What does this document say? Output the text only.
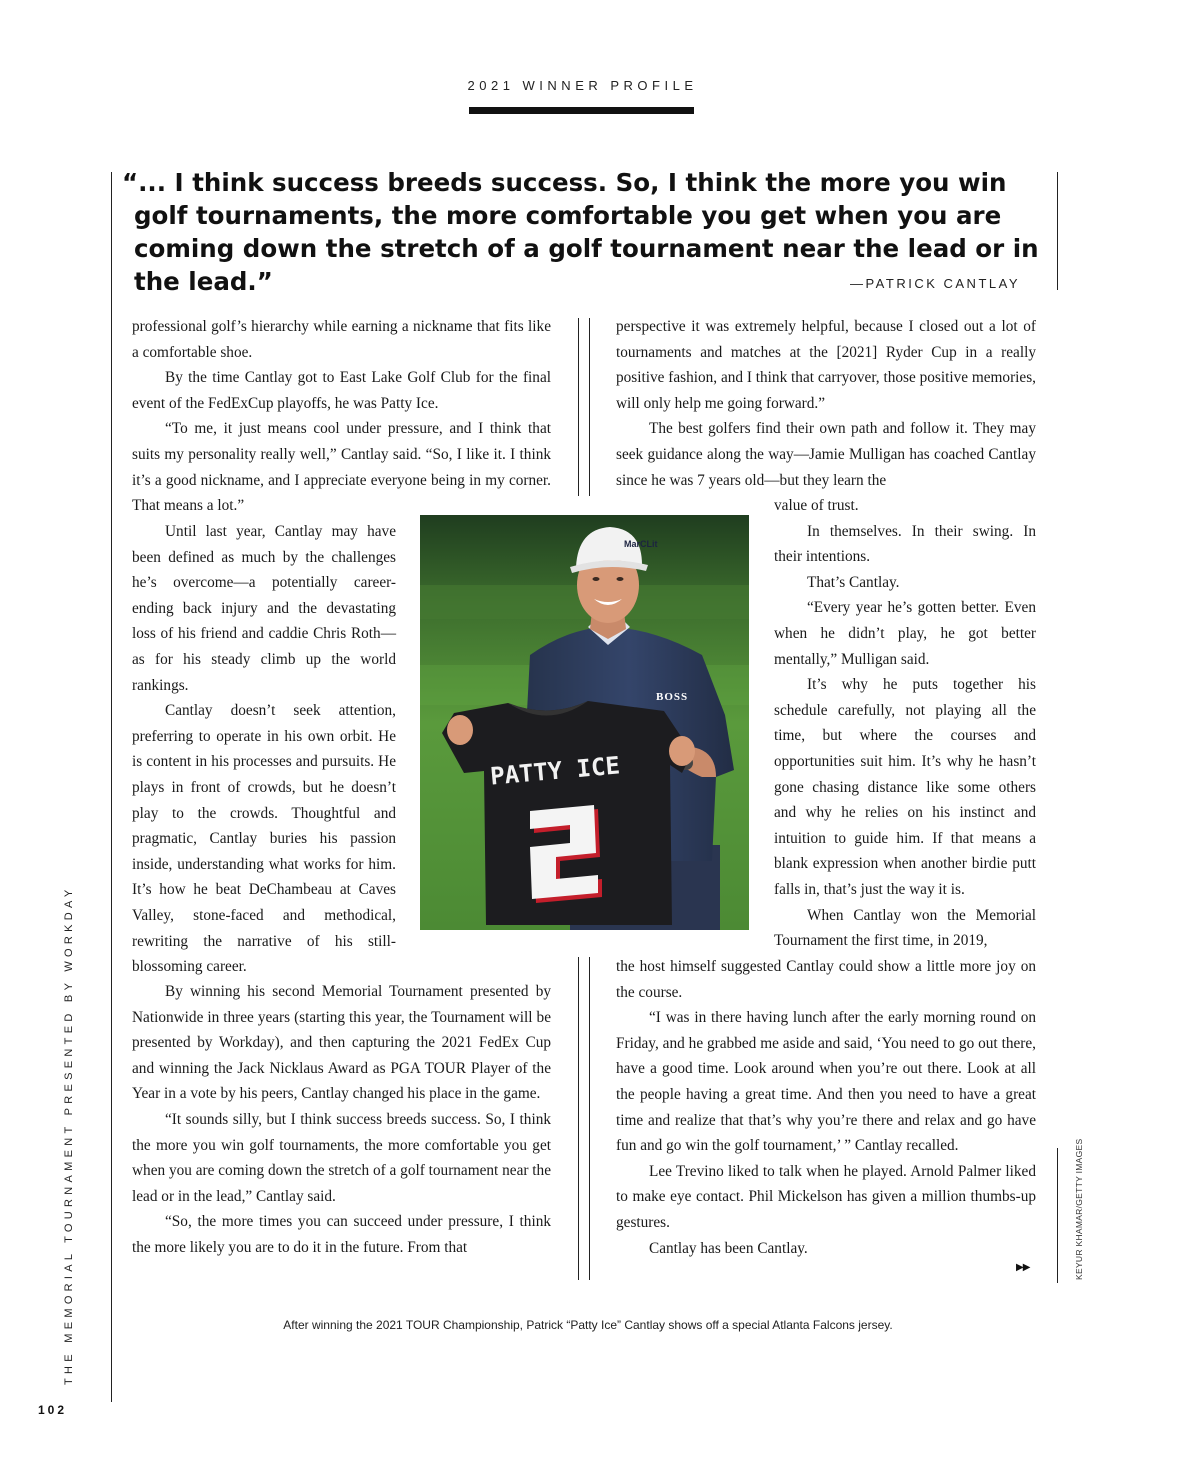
2021 WINNER PROFILE

“... I think success breeds success. So, I think the more you win golf tournaments, the more comfortable you get when you are coming down the stretch of a golf tournament near the lead or in the lead.”	—PATRICK CANTLAY

professional golf’s hierarchy while earning a nickname that fits like a comfortable shoe.

By the time Cantlay got to East Lake Golf Club for the final event of the FedExCup playoffs, he was Patty Ice.

“To me, it just means cool under pressure, and I think that suits my personality really well,” Cantlay said. “So, I like it. I think it’s a good nickname, and I appreciate everyone being in my corner. That means a lot.”

Until last year, Cantlay may have been defined as much by the challenges he’s overcome—a potentially career-ending back injury and the devastating loss of his friend and caddie Chris Roth—as for his steady climb up the world rankings.

Cantlay doesn’t seek attention, preferring to operate in his own orbit. He is content in his processes and pursuits. He plays in front of crowds, but he doesn’t play to the crowds. Thoughtful and pragmatic, Cantlay buries his passion inside, understanding what works for him. It’s how he beat DeChambeau at Caves Valley, stone-faced and methodical, rewriting the narrative of his still-blossoming career.

By winning his second Memorial Tournament presented by Nationwide in three years (starting this year, the Tournament will be presented by Workday), and then capturing the 2021 FedEx Cup and winning the Jack Nicklaus Award as PGA TOUR Player of the Year in a vote by his peers, Cantlay changed his place in the game.

“It sounds silly, but I think success breeds success. So, I think the more you win golf tournaments, the more comfortable you get when you are coming down the stretch of a golf tournament near the lead or in the lead,” Cantlay said.

“So, the more times you can succeed under pressure, I think the more likely you are to do it in the future. From that

perspective it was extremely helpful, because I closed out a lot of tournaments and matches at the [2021] Ryder Cup in a really positive fashion, and I think that carryover, those positive memories, will only help me going forward.”

The best golfers find their own path and follow it. They may seek guidance along the way—Jamie Mulligan has coached Cantlay since he was 7 years old—but they learn the

value of trust.

In themselves. In their swing. In their intentions.

That’s Cantlay.

“Every year he’s gotten better. Even when he didn’t play, he got better mentally,” Mulligan said.

It’s why he puts together his schedule carefully, not playing all the time, but where the courses and opportunities suit him. It’s why he hasn’t gone chasing distance like some others and why he relies on his instinct and intuition to guide him. If that means a blank expression when another birdie putt falls in, that’s just the way it is.

When Cantlay won the Memorial Tournament the first time, in 2019,

the host himself suggested Cantlay could show a little more joy on the course.

“I was in there having lunch after the early morning round on Friday, and he grabbed me aside and said, ‘You need to go out there, have a good time. Look around when you’re out there. Look at all the people having a great time. And then you need to have a great time and realize that that’s why you’re there and relax and go have fun and go win the golf tournament,’ ” Cantlay recalled.

Lee Trevino liked to talk when he played. Arnold Palmer liked to make eye contact. Phil Mickelson has given a million thumbs-up gestures.

Cantlay has been Cantlay.

MarCLit
BOSS
PATTY ICE
▶▶
After winning the 2021 TOUR Championship, Patrick “Patty Ice” Cantlay shows off a special Atlanta Falcons jersey.
KEYUR KHAMAR/GETTY IMAGES
THE MEMORIAL TOURNAMENT PRESENTED BY WORKDAY
102
